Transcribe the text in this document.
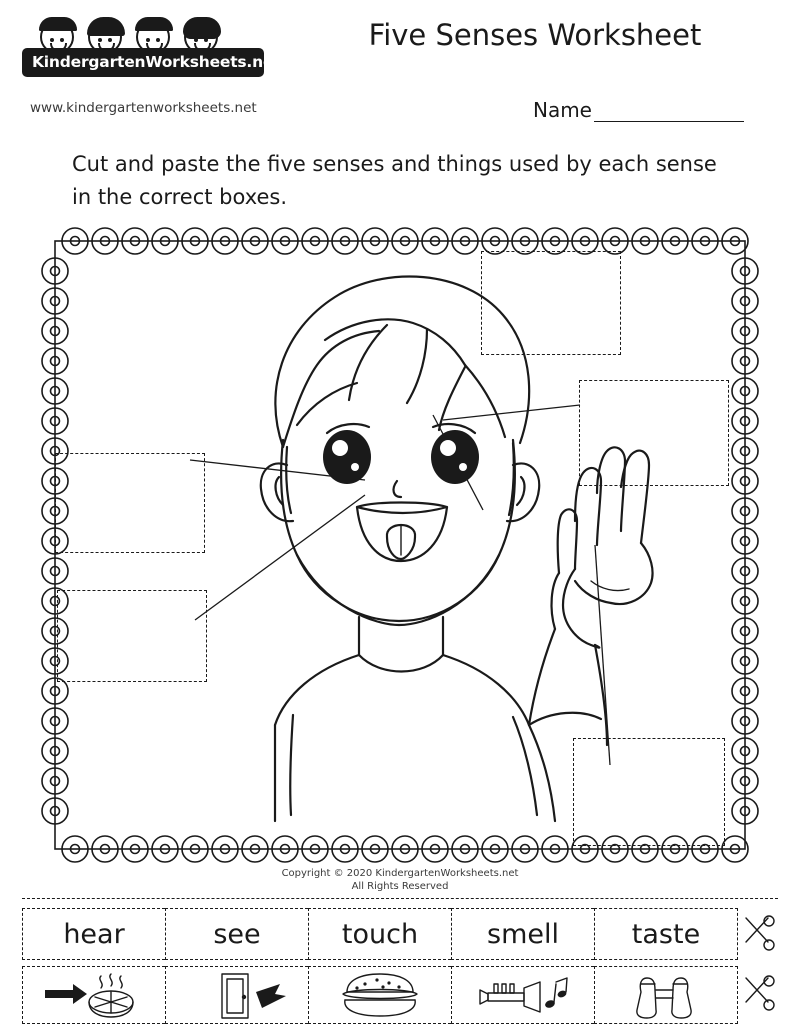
KindergartenWorksheets.net
www.kindergartenworksheets.net
Five Senses Worksheet
Name
Cut and paste the five senses and things used by each sense in the correct boxes.
Copyright © 2020 KindergartenWorksheets.net
All Rights Reserved
hear	see	touch	smell	taste
